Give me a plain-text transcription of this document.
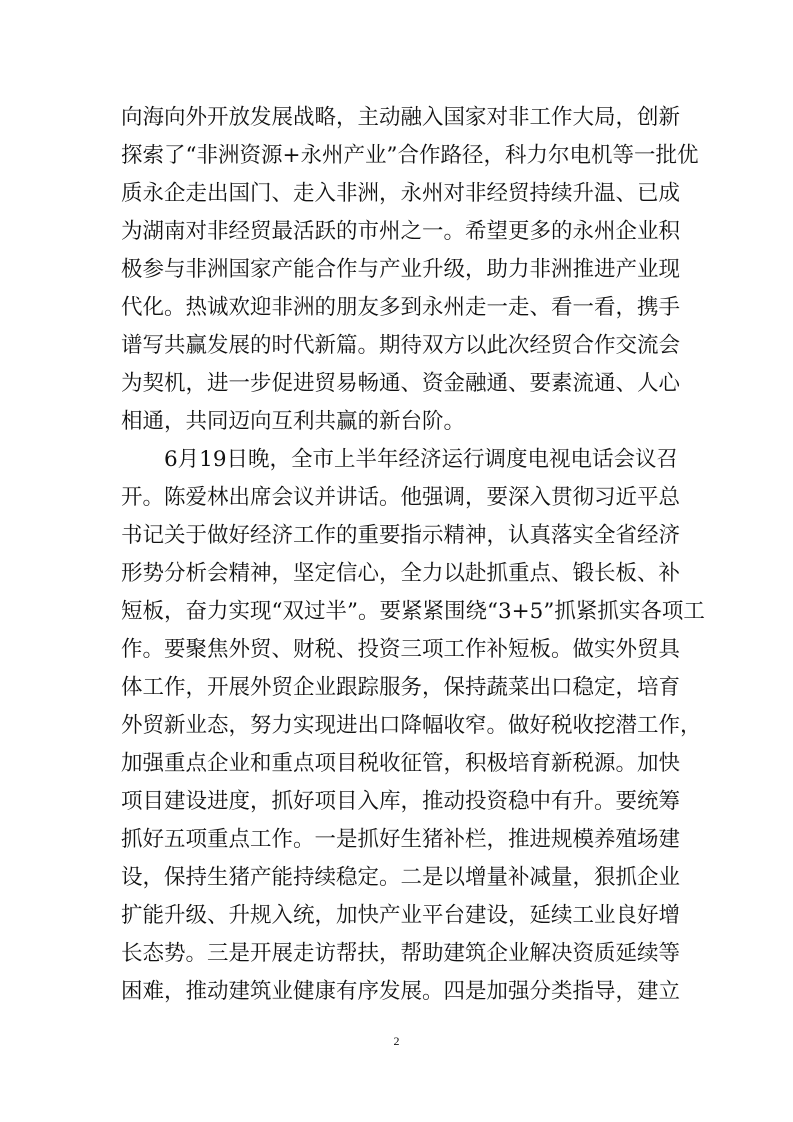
向海向外开放发展战略，主动融入国家对非工作大局，创新
探索了“非洲资源+永州产业”合作路径，科力尔电机等一批优
质永企走出国门、走入非洲，永州对非经贸持续升温、已成
为湖南对非经贸最活跃的市州之一。希望更多的永州企业积
极参与非洲国家产能合作与产业升级，助力非洲推进产业现
代化。热诚欢迎非洲的朋友多到永州走一走、看一看，携手
谱写共赢发展的时代新篇。期待双方以此次经贸合作交流会
为契机，进一步促进贸易畅通、资金融通、要素流通、人心
相通，共同迈向互利共赢的新台阶。
6月19日晚，全市上半年经济运行调度电视电话会议召
开。陈爱林出席会议并讲话。他强调，要深入贯彻习近平总
书记关于做好经济工作的重要指示精神，认真落实全省经济
形势分析会精神，坚定信心，全力以赴抓重点、锻长板、补
短板，奋力实现“双过半”。要紧紧围绕“3+5”抓紧抓实各项工
作。要聚焦外贸、财税、投资三项工作补短板。做实外贸具
体工作，开展外贸企业跟踪服务，保持蔬菜出口稳定，培育
外贸新业态，努力实现进出口降幅收窄。做好税收挖潜工作，
加强重点企业和重点项目税收征管，积极培育新税源。加快
项目建设进度，抓好项目入库，推动投资稳中有升。要统筹
抓好五项重点工作。一是抓好生猪补栏，推进规模养殖场建
设，保持生猪产能持续稳定。二是以增量补减量，狠抓企业
扩能升级、升规入统，加快产业平台建设，延续工业良好增
长态势。三是开展走访帮扶，帮助建筑企业解决资质延续等
困难，推动建筑业健康有序发展。四是加强分类指导，建立
2
